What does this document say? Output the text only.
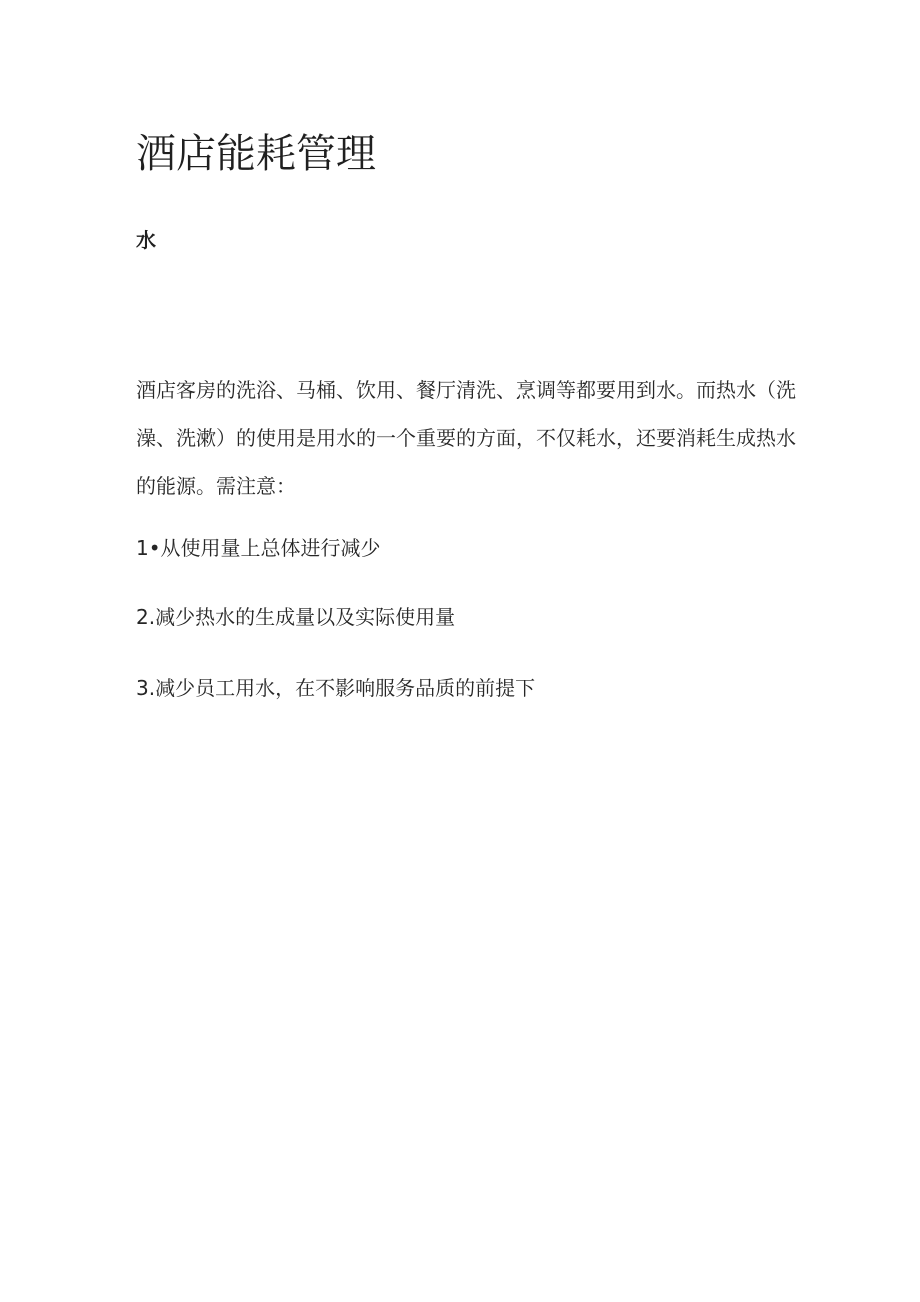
酒店能耗管理
水

酒店客房的洗浴、马桶、饮用、餐厅清洗、烹调等都要用到水。而热水（洗澡、洗漱）的使用是用水的一个重要的方面，不仅耗水，还要消耗生成热水的能源。需注意：

1•从使用量上总体进行减少

2.减少热水的生成量以及实际使用量

3.减少员工用水，在不影响服务品质的前提下
